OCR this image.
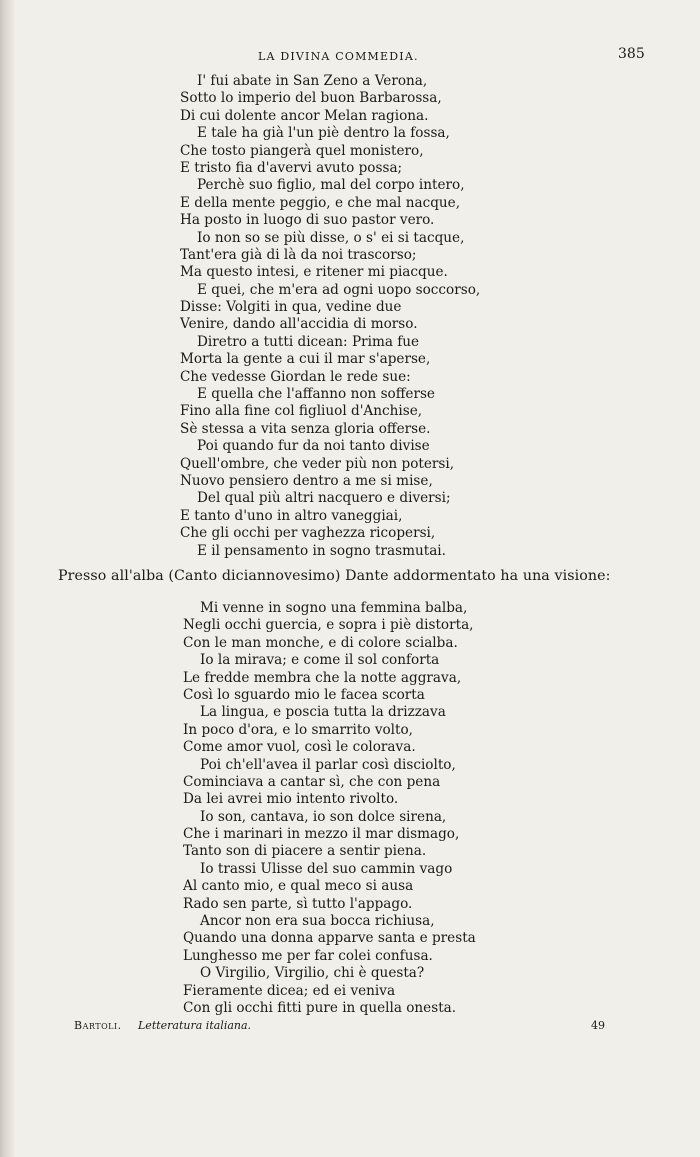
LA DIVINA COMMEDIA.	385
I' fui abate in San Zeno a Verona,
Sotto lo imperio del buon Barbarossa,
Di cui dolente ancor Melan ragiona.
E tale ha già l'un piè dentro la fossa,
Che tosto piangerà quel monistero,
E tristo fia d'avervi avuto possa;
Perchè suo figlio, mal del corpo intero,
E della mente peggio, e che mal nacque,
Ha posto in luogo di suo pastor vero.
Io non so se più disse, o s' ei si tacque,
Tant'era già di là da noi trascorso;
Ma questo intesi, e ritener mi piacque.
E quei, che m'era ad ogni uopo soccorso,
Disse: Volgiti in qua, vedine due
Venire, dando all'accidia di morso.
Diretro a tutti dicean: Prima fue
Morta la gente a cui il mar s'aperse,
Che vedesse Giordan le rede sue:
E quella che l'affanno non sofferse
Fino alla fine col figliuol d'Anchise,
Sè stessa a vita senza gloria offerse.
Poi quando fur da noi tanto divise
Quell'ombre, che veder più non potersi,
Nuovo pensiero dentro a me si mise,
Del qual più altri nacquero e diversi;
E tanto d'uno in altro vaneggiai,
Che gli occhi per vaghezza ricopersi,
E il pensamento in sogno trasmutai.
Presso all'alba (Canto diciannovesimo) Dante addormentato ha una visione:
Mi venne in sogno una femmina balba,
Negli occhi guercia, e sopra i piè distorta,
Con le man monche, e di colore scialba.
Io la mirava; e come il sol conforta
Le fredde membra che la notte aggrava,
Così lo sguardo mio le facea scorta
La lingua, e poscia tutta la drizzava
In poco d'ora, e lo smarrito volto,
Come amor vuol, così le colorava.
Poi ch'ell'avea il parlar così disciolto,
Cominciava a cantar sì, che con pena
Da lei avrei mio intento rivolto.
Io son, cantava, io son dolce sirena,
Che i marinari in mezzo il mar dismago,
Tanto son di piacere a sentir piena.
Io trassi Ulisse del suo cammin vago
Al canto mio, e qual meco si ausa
Rado sen parte, sì tutto l'appago.
Ancor non era sua bocca richiusa,
Quando una donna apparve santa e presta
Lunghesso me per far colei confusa.
O Virgilio, Virgilio, chi è questa?
Fieramente dicea; ed ei veniva
Con gli occhi fitti pure in quella onesta.
Bartoli. Letteratura italiana.	49
